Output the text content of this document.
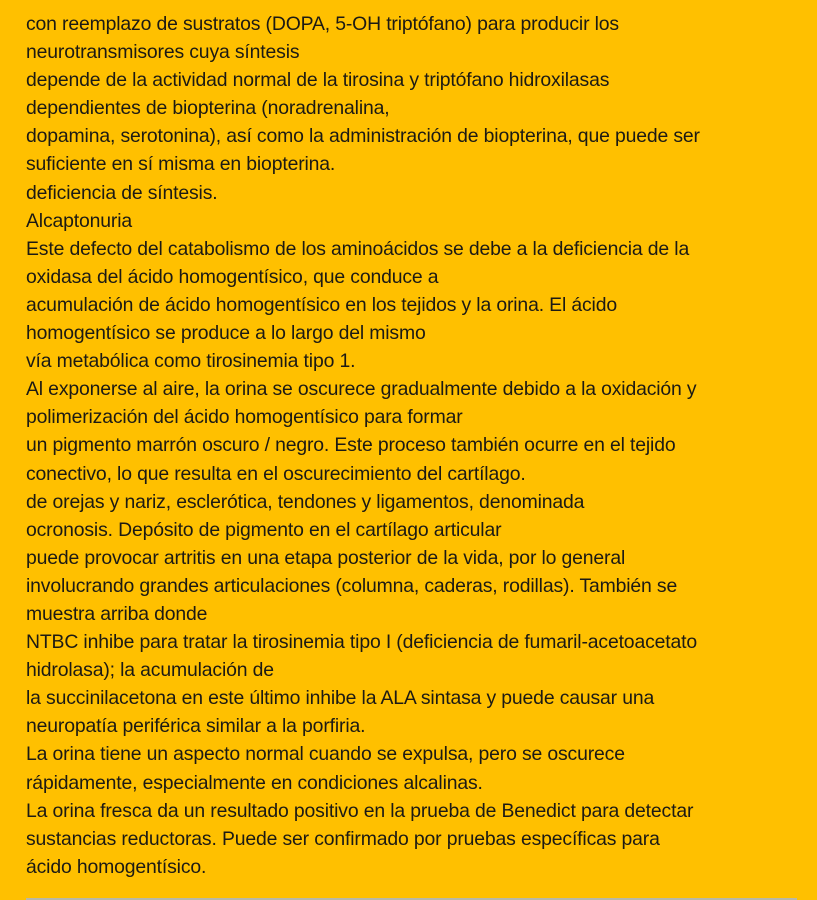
con reemplazo de sustratos (DOPA, 5-OH triptófano) para producir los
neurotransmisores cuya síntesis
depende de la actividad normal de la tirosina y triptófano hidroxilasas
dependientes de biopterina (noradrenalina,
dopamina, serotonina), así como la administración de biopterina, que puede ser
suficiente en sí misma en biopterina.
deficiencia de síntesis.
Alcaptonuria
Este defecto del catabolismo de los aminoácidos se debe a la deficiencia de la
oxidasa del ácido homogentísico, que conduce a
acumulación de ácido homogentísico en los tejidos y la orina. El ácido
homogentísico se produce a lo largo del mismo
vía metabólica como tirosinemia tipo 1.
Al exponerse al aire, la orina se oscurece gradualmente debido a la oxidación y
polimerización del ácido homogentísico para formar
un pigmento marrón oscuro / negro. Este proceso también ocurre en el tejido
conectivo, lo que resulta en el oscurecimiento del cartílago.
de orejas y nariz, esclerótica, tendones y ligamentos, denominada
ocronosis. Depósito de pigmento en el cartílago articular
puede provocar artritis en una etapa posterior de la vida, por lo general
involucrando grandes articulaciones (columna, caderas, rodillas). También se
muestra arriba donde
NTBC inhibe para tratar la tirosinemia tipo I (deficiencia de fumaril-acetoacetato
hidrolasa); la acumulación de
la succinilacetona en este último inhibe la ALA sintasa y puede causar una
neuropatía periférica similar a la porfiria.
La orina tiene un aspecto normal cuando se expulsa, pero se oscurece
rápidamente, especialmente en condiciones alcalinas.
La orina fresca da un resultado positivo en la prueba de Benedict para detectar
sustancias reductoras. Puede ser confirmado por pruebas específicas para
ácido homogentísico.
